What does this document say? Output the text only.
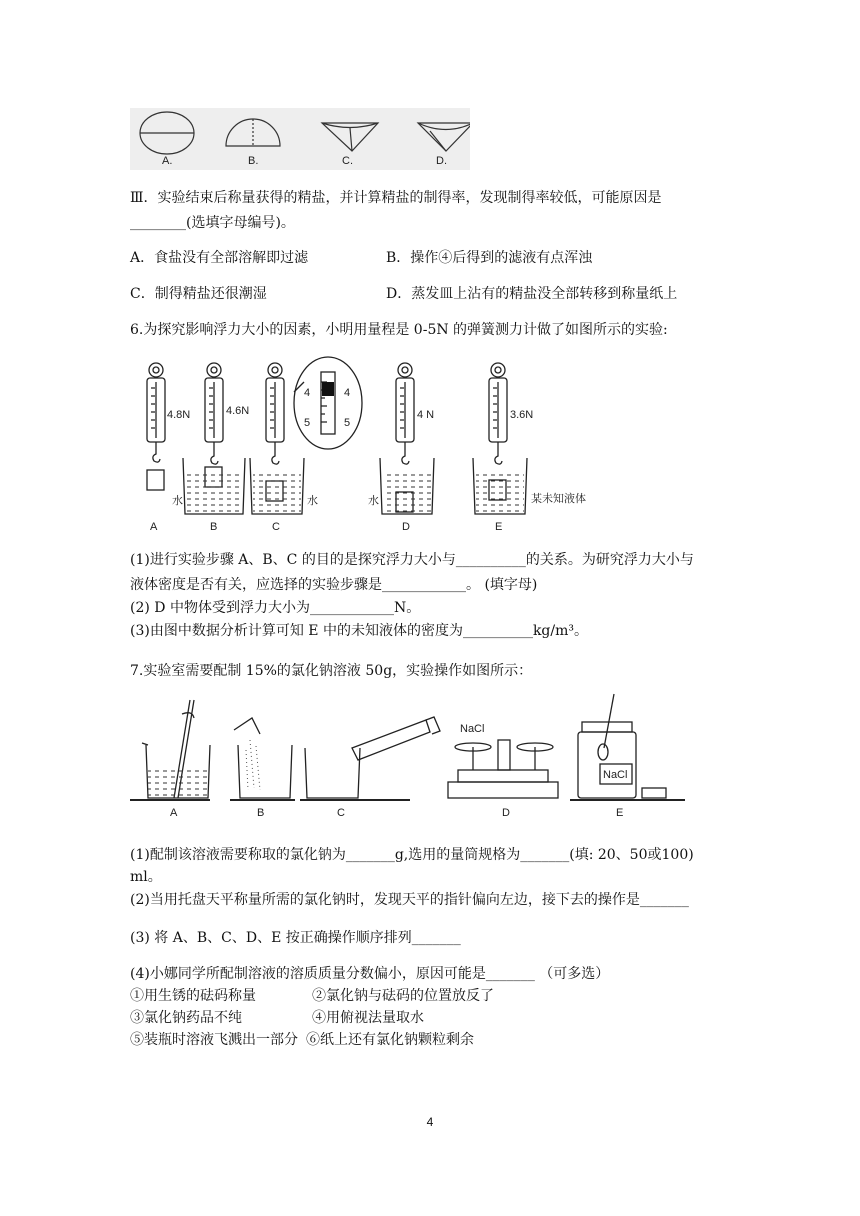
A.	B.	C.	D.
Ⅲ．实验结束后称量获得的精盐，并计算精盐的制得率，发现制得率较低，可能原因是
________(选填字母编号)。
A．食盐没有全部溶解即过滤	B．操作④后得到的滤液有点浑浊
C．制得精盐还很潮湿	D．蒸发皿上沾有的精盐没全部转移到称量纸上
6.为探究影响浮力大小的因素，小明用量程是 0-5N 的弹簧测力计做了如图所示的实验:
4.8N	4.6N	4 N	3.6N
4	4
5	5
水	水	水	某未知液体
A	B	C	D	E
(1)进行实验步骤 A、B、C 的目的是探究浮力大小与__________的关系。为研究浮力大小与
液体密度是否有关，应选择的实验步骤是____________。 (填字母)
(2) D 中物体受到浮力大小为____________N。
(3)由图中数据分析计算可知 E 中的未知液体的密度为__________kg/m³。
7.实验室需要配制 15%的氯化钠溶液 50g，实验操作如图所示：
NaCl
NaCl
A	B	C	D	E
(1)配制该溶液需要称取的氯化钠为_______g,选用的量筒规格为_______(填: 20、50或100)
ml。
(2)当用托盘天平称量所需的氯化钠时，发现天平的指针偏向左边，接下去的操作是_______
(3) 将 A、B、C、D、E 按正确操作顺序排列_______
(4)小娜同学所配制溶液的溶质质量分数偏小，原因可能是_______ （可多选）
①用生锈的砝码称量	②氯化钠与砝码的位置放反了
③氯化钠药品不纯	④用俯视法量取水
⑤装瓶时溶液飞溅出一部分 ⑥纸上还有氯化钠颗粒剩余
4
